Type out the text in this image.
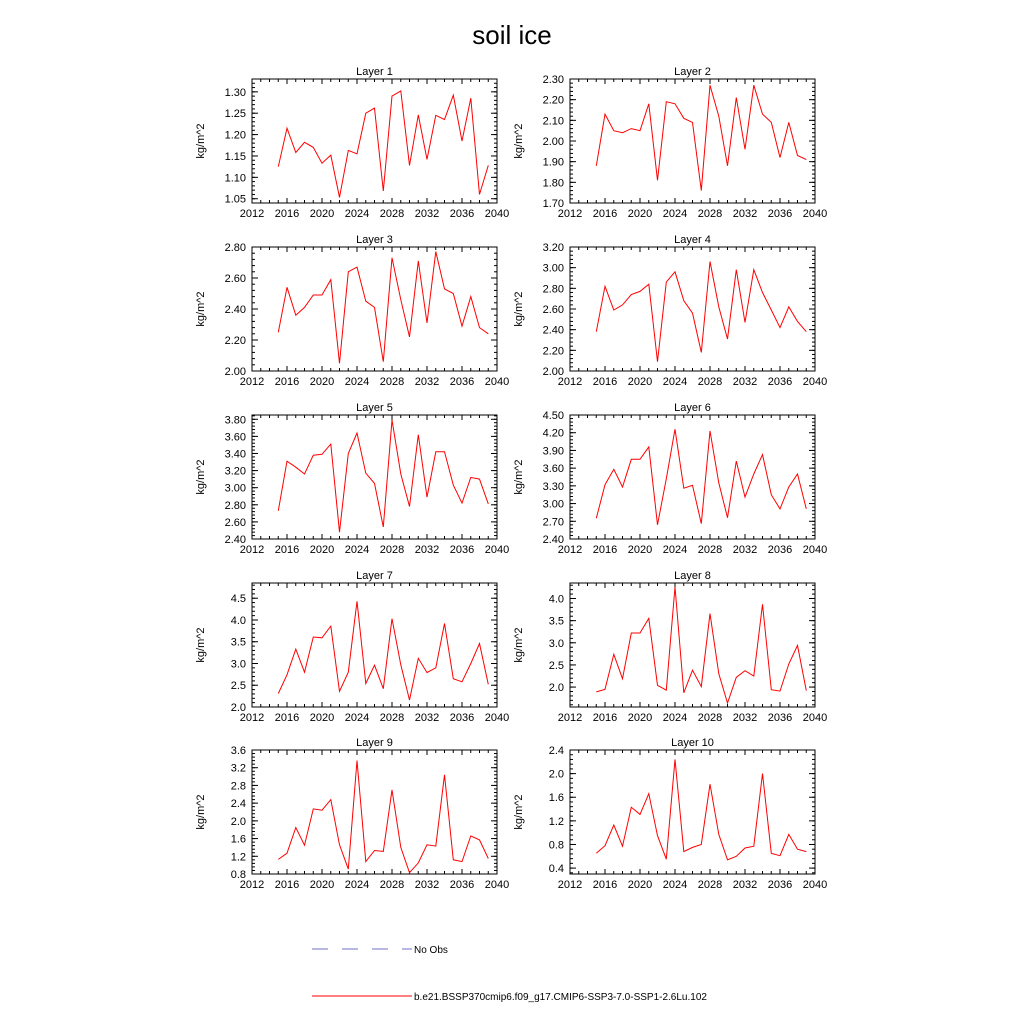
soil ice
Layer 1
kg/m^2
2012 2016 2020 2024 2028 2032 2036 2040
1.05
1.10
1.15
1.20
1.25
1.30
Layer 2
kg/m^2
2012 2016 2020 2024 2028 2032 2036 2040
1.70
1.80
1.90
2.00
2.10
2.20
2.30
Layer 3
kg/m^2
2012 2016 2020 2024 2028 2032 2036 2040
2.00
2.20
2.40
2.60
2.80
Layer 4
kg/m^2
2012 2016 2020 2024 2028 2032 2036 2040
2.00
2.20
2.40
2.60
2.80
3.00
3.20
Layer 5
kg/m^2
2012 2016 2020 2024 2028 2032 2036 2040
2.40
2.60
2.80
3.00
3.20
3.40
3.60
3.80
Layer 6
kg/m^2
2012 2016 2020 2024 2028 2032 2036 2040
2.40
2.70
3.00
3.30
3.60
3.90
4.20
4.50
Layer 7
kg/m^2
2012 2016 2020 2024 2028 2032 2036 2040
2.0
2.5
3.0
3.5
4.0
4.5
Layer 8
kg/m^2
2012 2016 2020 2024 2028 2032 2036 2040
2.0
2.5
3.0
3.5
4.0
Layer 9
kg/m^2
2012 2016 2020 2024 2028 2032 2036 2040
0.8
1.2
1.6
2.0
2.4
2.8
3.2
3.6
Layer 10
kg/m^2
2012 2016 2020 2024 2028 2032 2036 2040
0.4
0.8
1.2
1.6
2.0
2.4
No Obs
b.e21.BSSP370cmip6.f09_g17.CMIP6-SSP3-7.0-SSP1-2.6Lu.102
